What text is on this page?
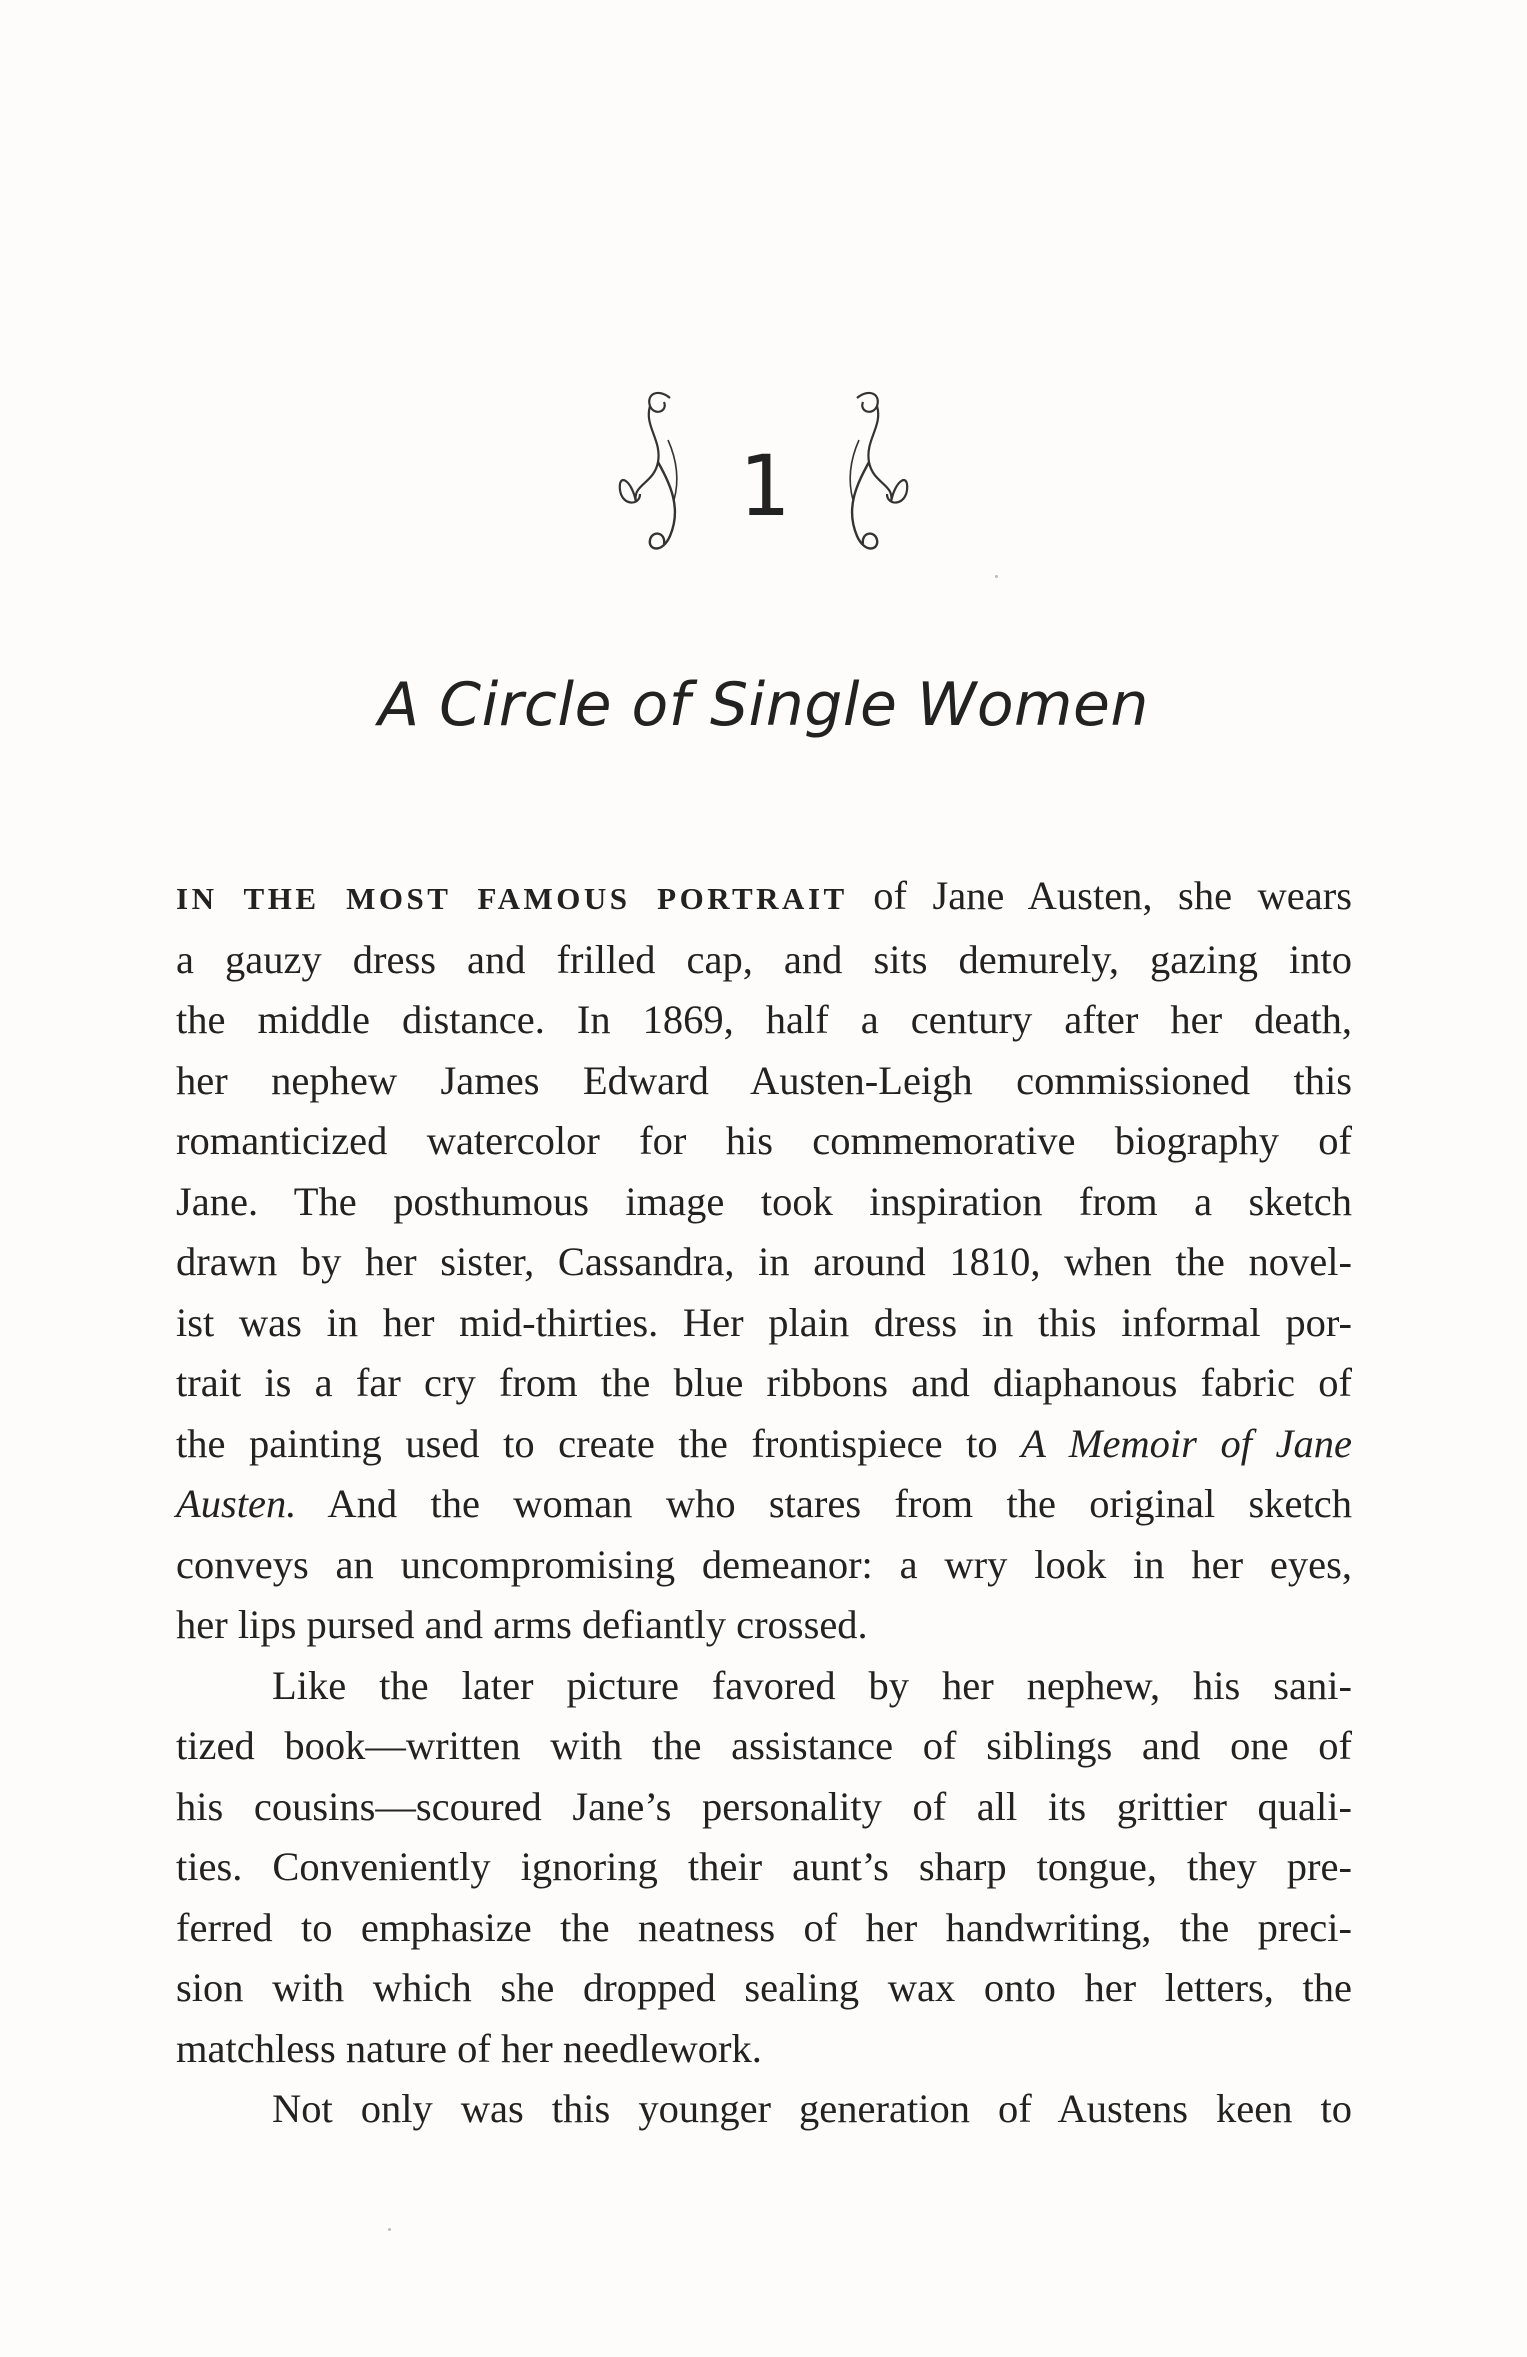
1
A Circle of Single Women

IN THE MOST FAMOUS PORTRAIT of Jane Austen, she wears
a gauzy dress and frilled cap, and sits demurely, gazing into
the middle distance. In 1869, half a century after her death,
her nephew James Edward Austen-Leigh commissioned this
romanticized watercolor for his commemorative biography of
Jane. The posthumous image took inspiration from a sketch
drawn by her sister, Cassandra, in around 1810, when the novel-
ist was in her mid-thirties. Her plain dress in this informal por-
trait is a far cry from the blue ribbons and diaphanous fabric of
the painting used to create the frontispiece to A Memoir of Jane
Austen. And the woman who stares from the original sketch
conveys an uncompromising demeanor: a wry look in her eyes,
her lips pursed and arms defiantly crossed.

Like the later picture favored by her nephew, his sani-
tized book—written with the assistance of siblings and one of
his cousins—scoured Jane’s personality of all its grittier quali-
ties. Conveniently ignoring their aunt’s sharp tongue, they pre-
ferred to emphasize the neatness of her handwriting, the preci-
sion with which she dropped sealing wax onto her letters, the
matchless nature of her needlework.

Not only was this younger generation of Austens keen to
